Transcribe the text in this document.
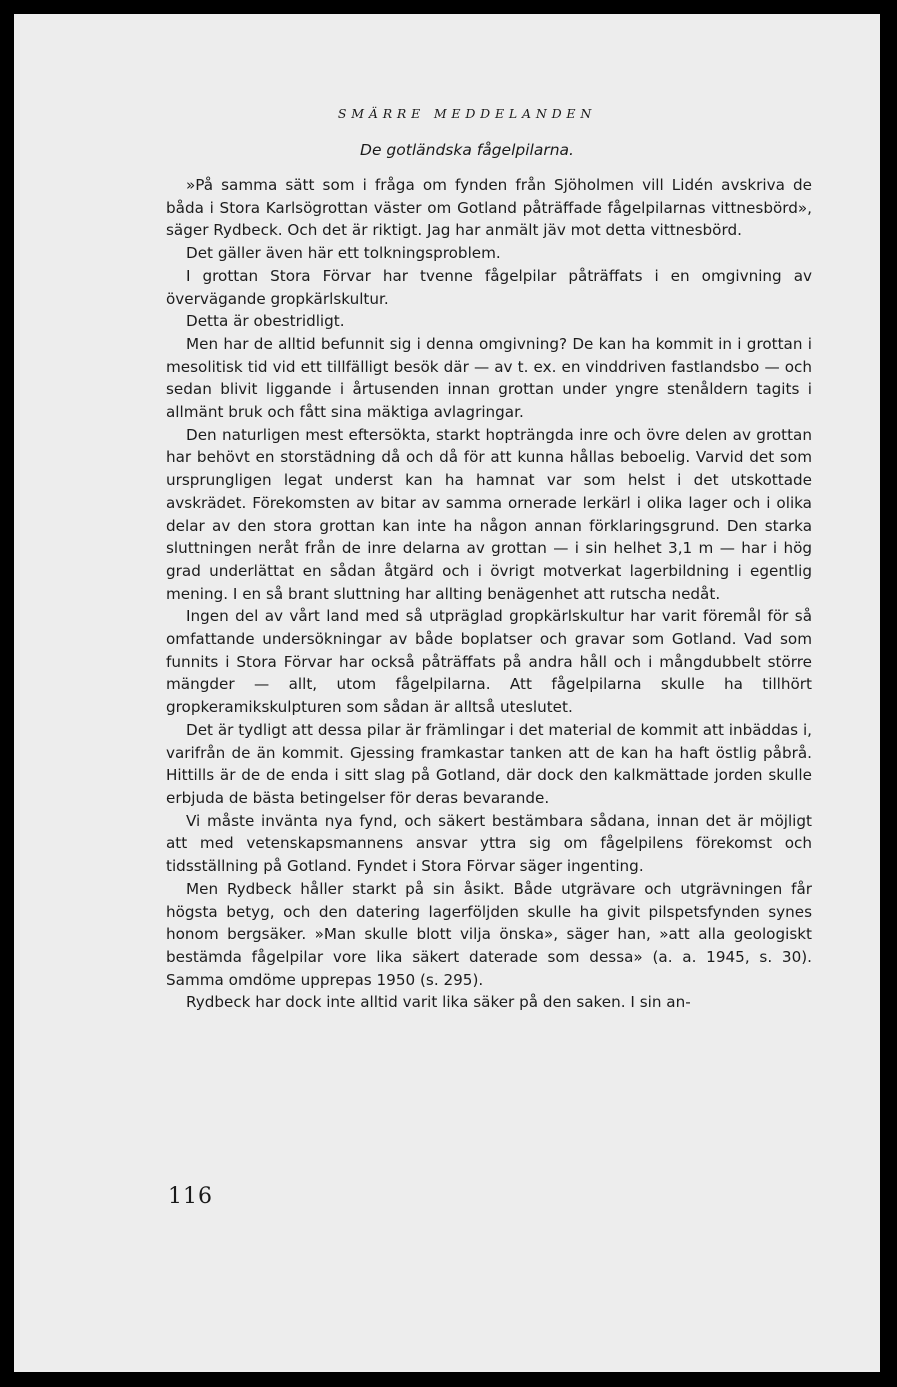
SMÄRRE MEDDELANDEN
De gotländska fågelpilarna.

»På samma sätt som i fråga om fynden från Sjöholmen vill Lidén avskriva de båda i Stora Karlsögrottan väster om Gotland påträffade fågelpilarnas vittnesbörd», säger Rydbeck. Och det är riktigt. Jag har anmält jäv mot detta vittnesbörd.

Det gäller även här ett tolkningsproblem.

I grottan Stora Förvar har tvenne fågelpilar påträffats i en omgivning av övervägande gropkärlskultur.

Detta är obestridligt.

Men har de alltid befunnit sig i denna omgivning? De kan ha kommit in i grottan i mesolitisk tid vid ett tillfälligt besök där — av t. ex. en vinddriven fastlandsbo — och sedan blivit liggande i årtusenden innan grottan under yngre stenåldern tagits i allmänt bruk och fått sina mäktiga avlagringar.

Den naturligen mest eftersökta, starkt hopträngda inre och övre delen av grottan har behövt en storstädning då och då för att kunna hållas beboelig. Varvid det som ursprungligen legat underst kan ha hamnat var som helst i det utskottade avskrädet. Förekomsten av bitar av samma ornerade lerkärl i olika lager och i olika delar av den stora grottan kan inte ha någon annan förklaringsgrund. Den starka sluttningen neråt från de inre delarna av grottan — i sin helhet 3,1 m — har i hög grad underlättat en sådan åtgärd och i övrigt motverkat lagerbildning i egentlig mening. I en så brant sluttning har allting benägenhet att rutscha nedåt.

Ingen del av vårt land med så utpräglad gropkärlskultur har varit föremål för så omfattande undersökningar av både boplatser och gravar som Gotland. Vad som funnits i Stora Förvar har också påträffats på andra håll och i mångdubbelt större mängder — allt, utom fågelpilarna. Att fågelpilarna skulle ha tillhört gropkeramikskulpturen som sådan är alltså uteslutet.

Det är tydligt att dessa pilar är främlingar i det material de kommit att inbäddas i, varifrån de än kommit. Gjessing framkastar tanken att de kan ha haft östlig påbrå. Hittills är de de enda i sitt slag på Gotland, där dock den kalkmättade jorden skulle erbjuda de bästa betingelser för deras bevarande.

Vi måste invänta nya fynd, och säkert bestämbara sådana, innan det är möjligt att med vetenskapsmannens ansvar yttra sig om fågelpilens förekomst och tidsställning på Gotland. Fyndet i Stora Förvar säger ingenting.

Men Rydbeck håller starkt på sin åsikt. Både utgrävare och utgrävningen får högsta betyg, och den datering lagerföljden skulle ha givit pilspetsfynden synes honom bergsäker. »Man skulle blott vilja önska», säger han, »att alla geologiskt bestämda fågelpilar vore lika säkert daterade som dessa» (a. a. 1945, s. 30). Samma omdöme upprepas 1950 (s. 295).

Rydbeck har dock inte alltid varit lika säker på den saken. I sin an-

116
